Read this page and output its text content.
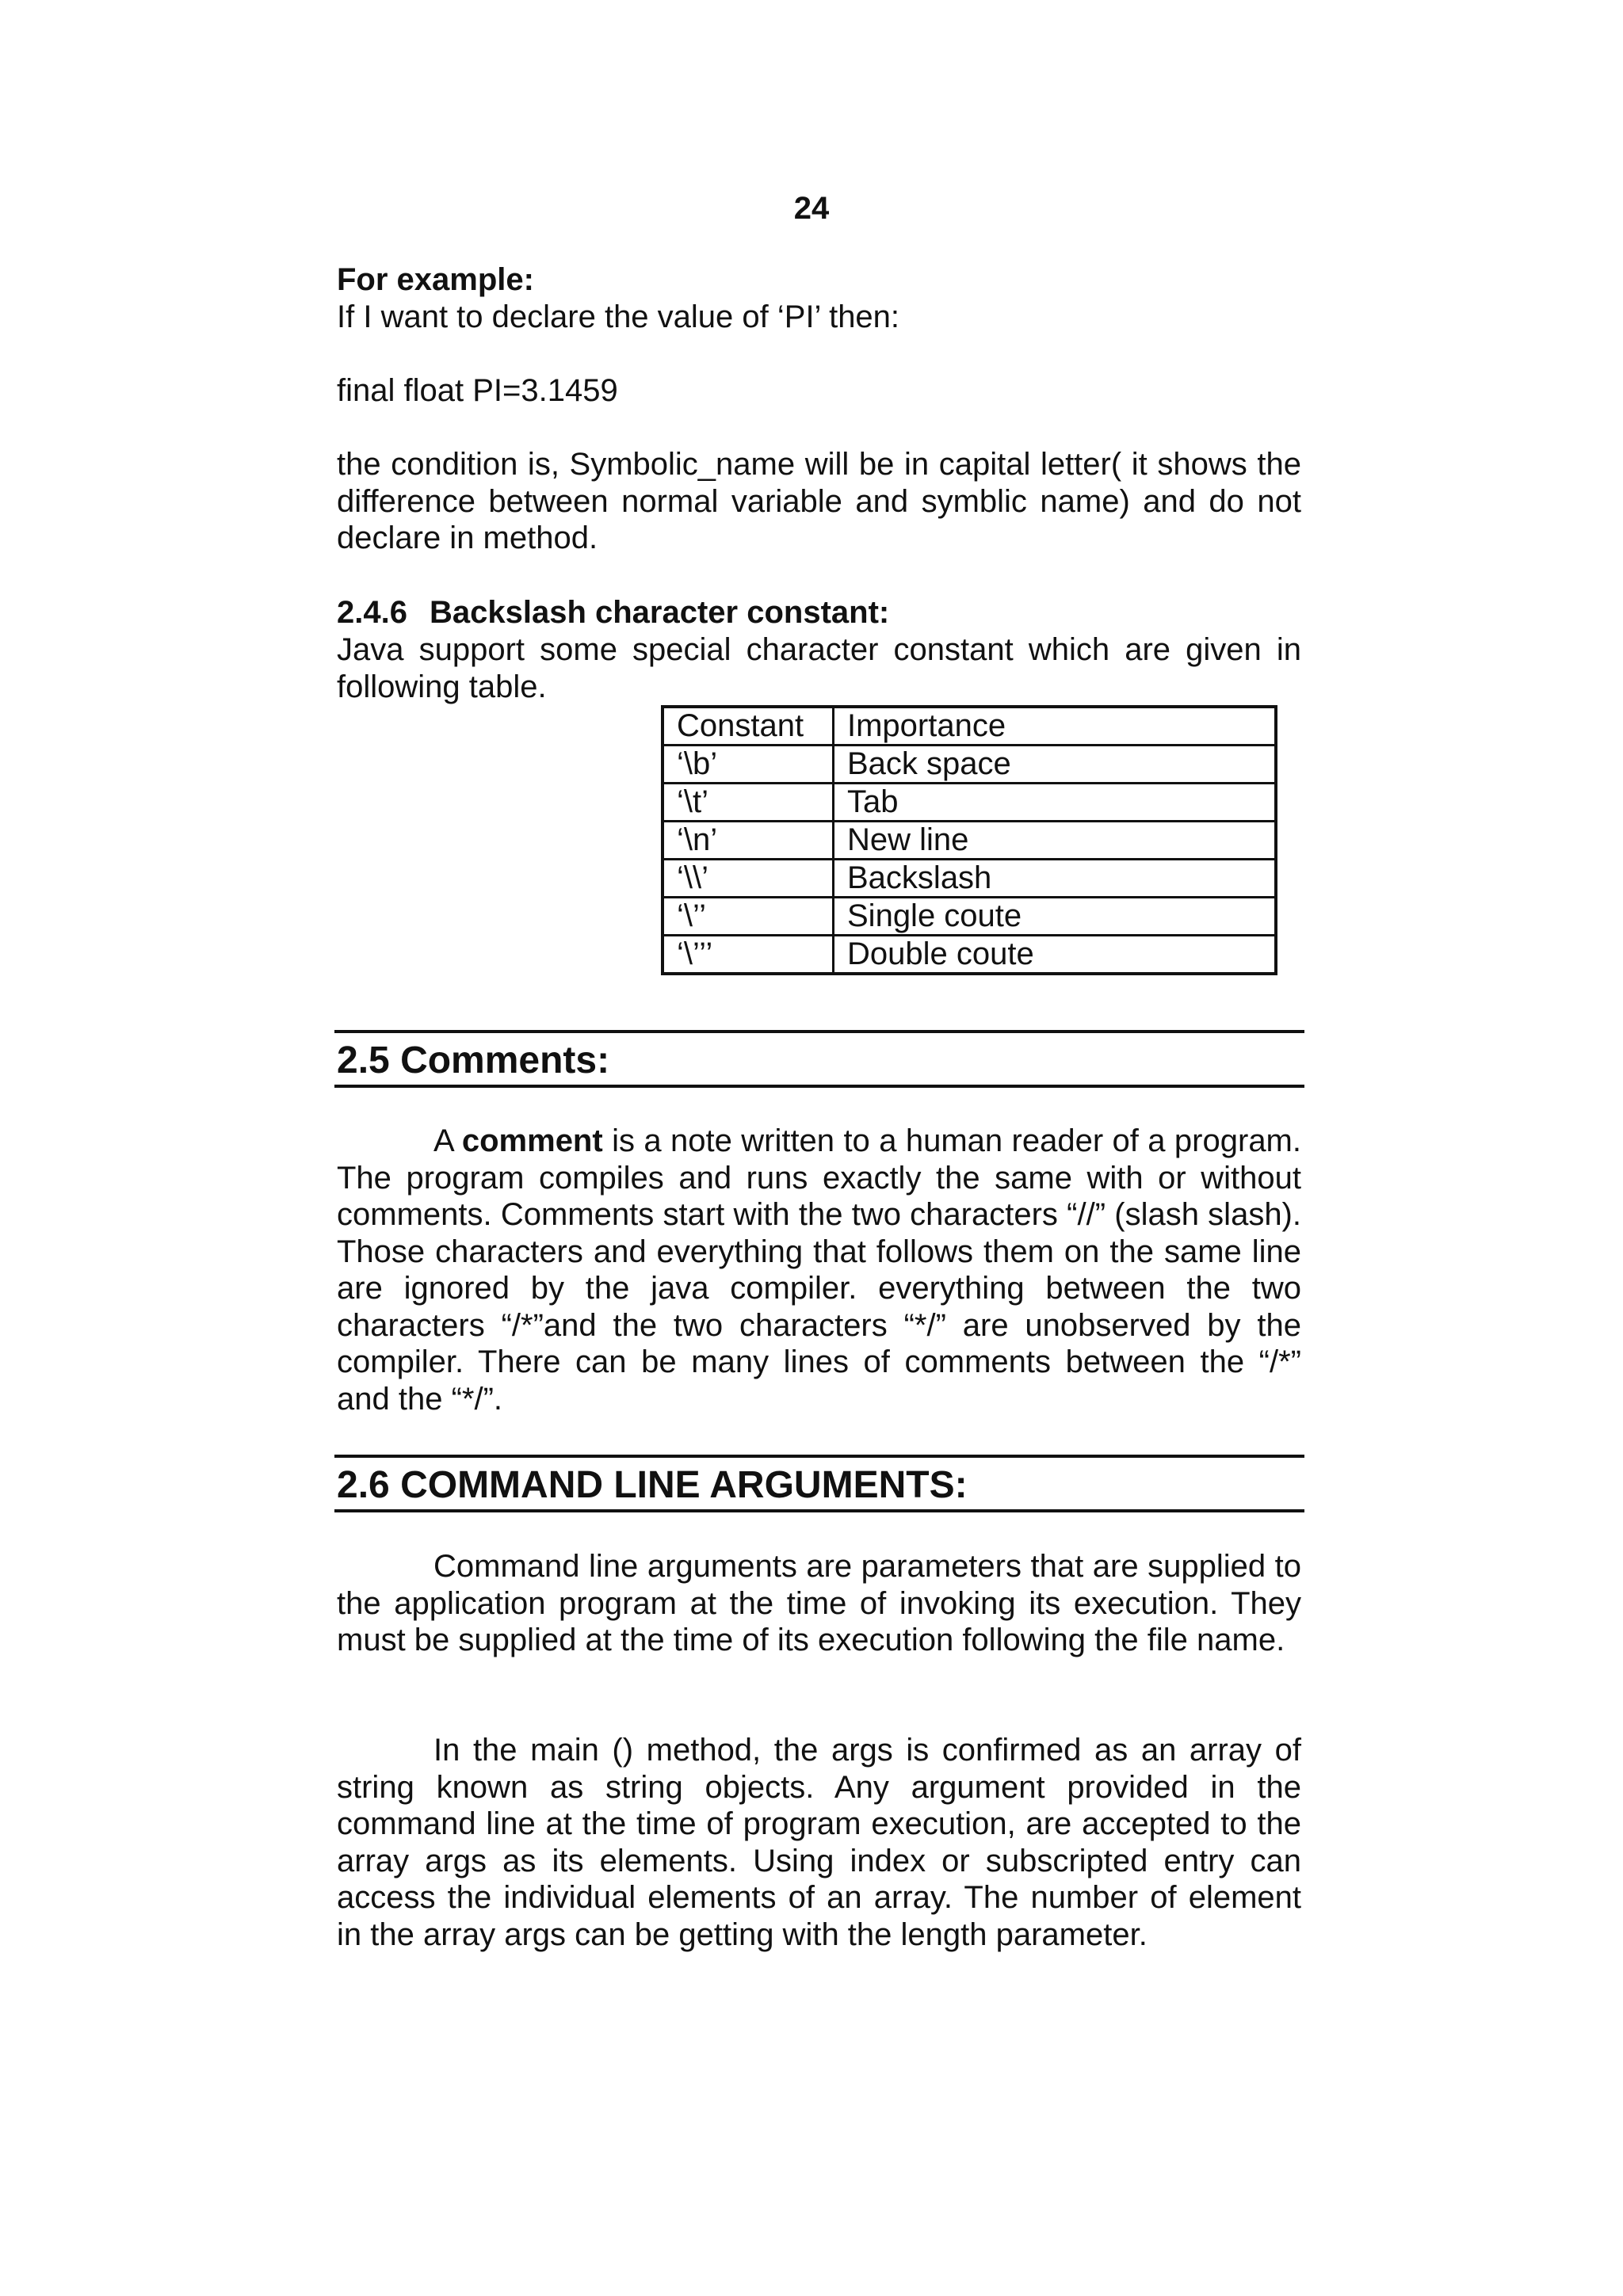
24
For example:
If I want to declare the value of ‘PI’ then:
final float PI=3.1459
the condition is, Symbolic_name will be in capital letter( it shows the difference between normal variable and symblic name) and do not declare in method.
2.4.6 Backslash character constant:
Java support some special character constant which are given in following table.
Constant	Importance
‘\b’	Back space
‘\t’	Tab
‘\n’	New line
‘\\’	Backslash
‘\’’	Single coute
‘\’’’	Double coute
2.5 Comments:
A comment is a note written to a human reader of a program. The program compiles and runs exactly the same with or without comments. Comments start with the two characters “//” (slash slash). Those characters and everything that follows them on the same line are ignored by the java compiler. everything between the two characters “/*”and the two characters “*/” are unobserved by the compiler. There can be many lines of comments between the “/*” and the “*/”.
2.6 COMMAND LINE ARGUMENTS:
Command line arguments are parameters that are supplied to the application program at the time of invoking its execution. They must be supplied at the time of its execution following the file name.
In the main () method, the args is confirmed as an array of string known as string objects. Any argument provided in the command line at the time of program execution, are accepted to the array args as its elements. Using index or subscripted entry can access the individual elements of an array. The number of element in the array args can be getting with the length parameter.
